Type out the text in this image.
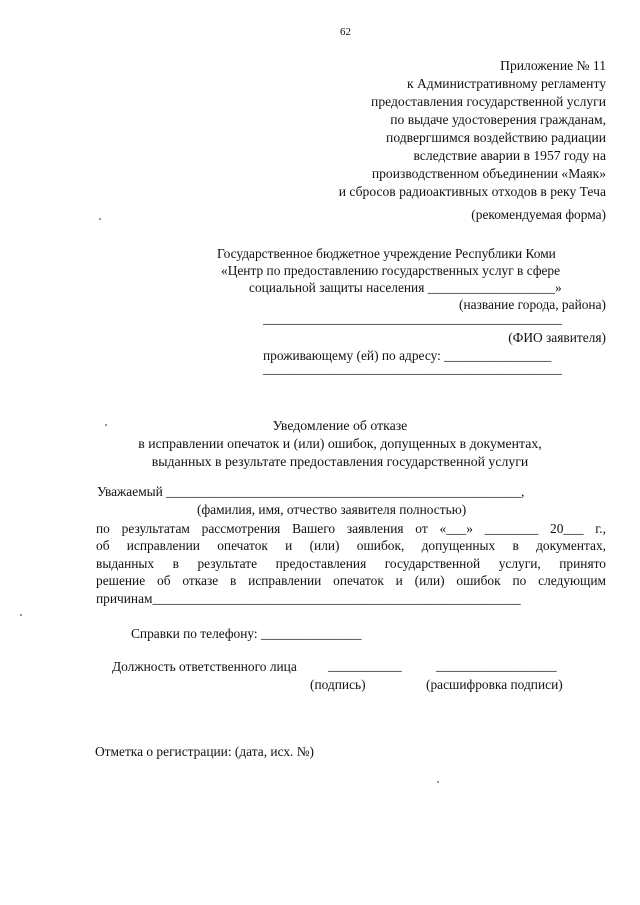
62
Приложение № 11
к Административному регламенту
предоставления государственной услуги
по выдаче удостоверения гражданам,
подвергшимся воздействию радиации
вследствие аварии в 1957 году на
производственном объединении «Маяк»
и сбросов радиоактивных отходов в реку Теча
(рекомендуемая форма)
Государственное бюджетное учреждение Республики Коми
«Центр по предоставлению государственных услуг в сфере
социальной защиты населения ___________________»
(название города, района)
______________________________________________
(ФИО заявителя)
проживающему (ей) по адресу: ________________
______________________________________________
Уведомление об отказе
в исправлении опечаток и (или) ошибок, допущенных в документах,
выданных в результате предоставления государственной услуги
Уважаемый _____________________________________________________,
(фамилия, имя, отчество заявителя полностью)
по результатам рассмотрения Вашего заявления от «___» ________ 20___ г.,
об исправлении опечаток и (или) ошибок, допущенных в документах,
выданных в результате предоставления государственной услуги, принято
решение об отказе в исправлении опечаток и (или) ошибок по следующим
причинам_______________________________________________________
Справки по телефону: _______________
Должность ответственного лица ___________	__________________
(подпись)	(расшифровка подписи)
Отметка о регистрации: (дата, исх. №)
